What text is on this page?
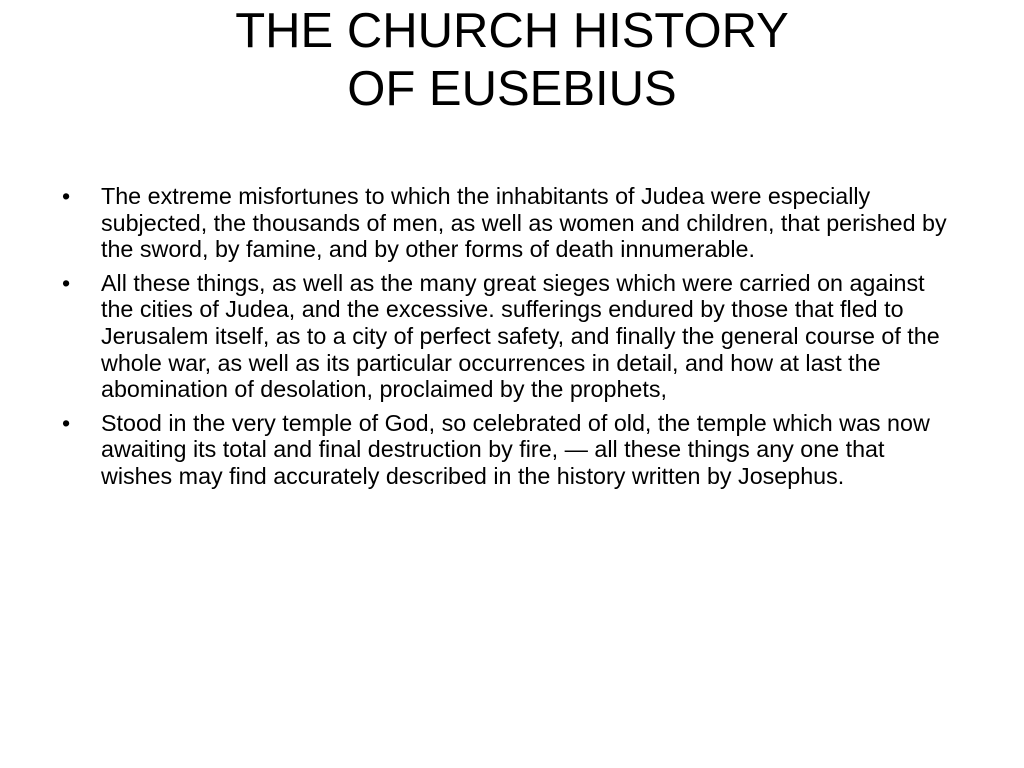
THE CHURCH HISTORY
OF EUSEBIUS
•	The extreme misfortunes to which the inhabitants of Judea were especially subjected, the thousands of men, as well as women and children, that perished by the sword, by famine, and by other forms of death innumerable.
•	All these things, as well as the many great sieges which were carried on against the cities of Judea, and the excessive. sufferings endured by those that fled to Jerusalem itself, as to a city of perfect safety, and finally the general course of the whole war, as well as its particular occurrences in detail, and how at last the abomination of desolation, proclaimed by the prophets,
•	Stood in the very temple of God, so celebrated of old, the temple which was now awaiting its total and final destruction by fire, — all these things any one that wishes may find accurately described in the history written by Josephus.
